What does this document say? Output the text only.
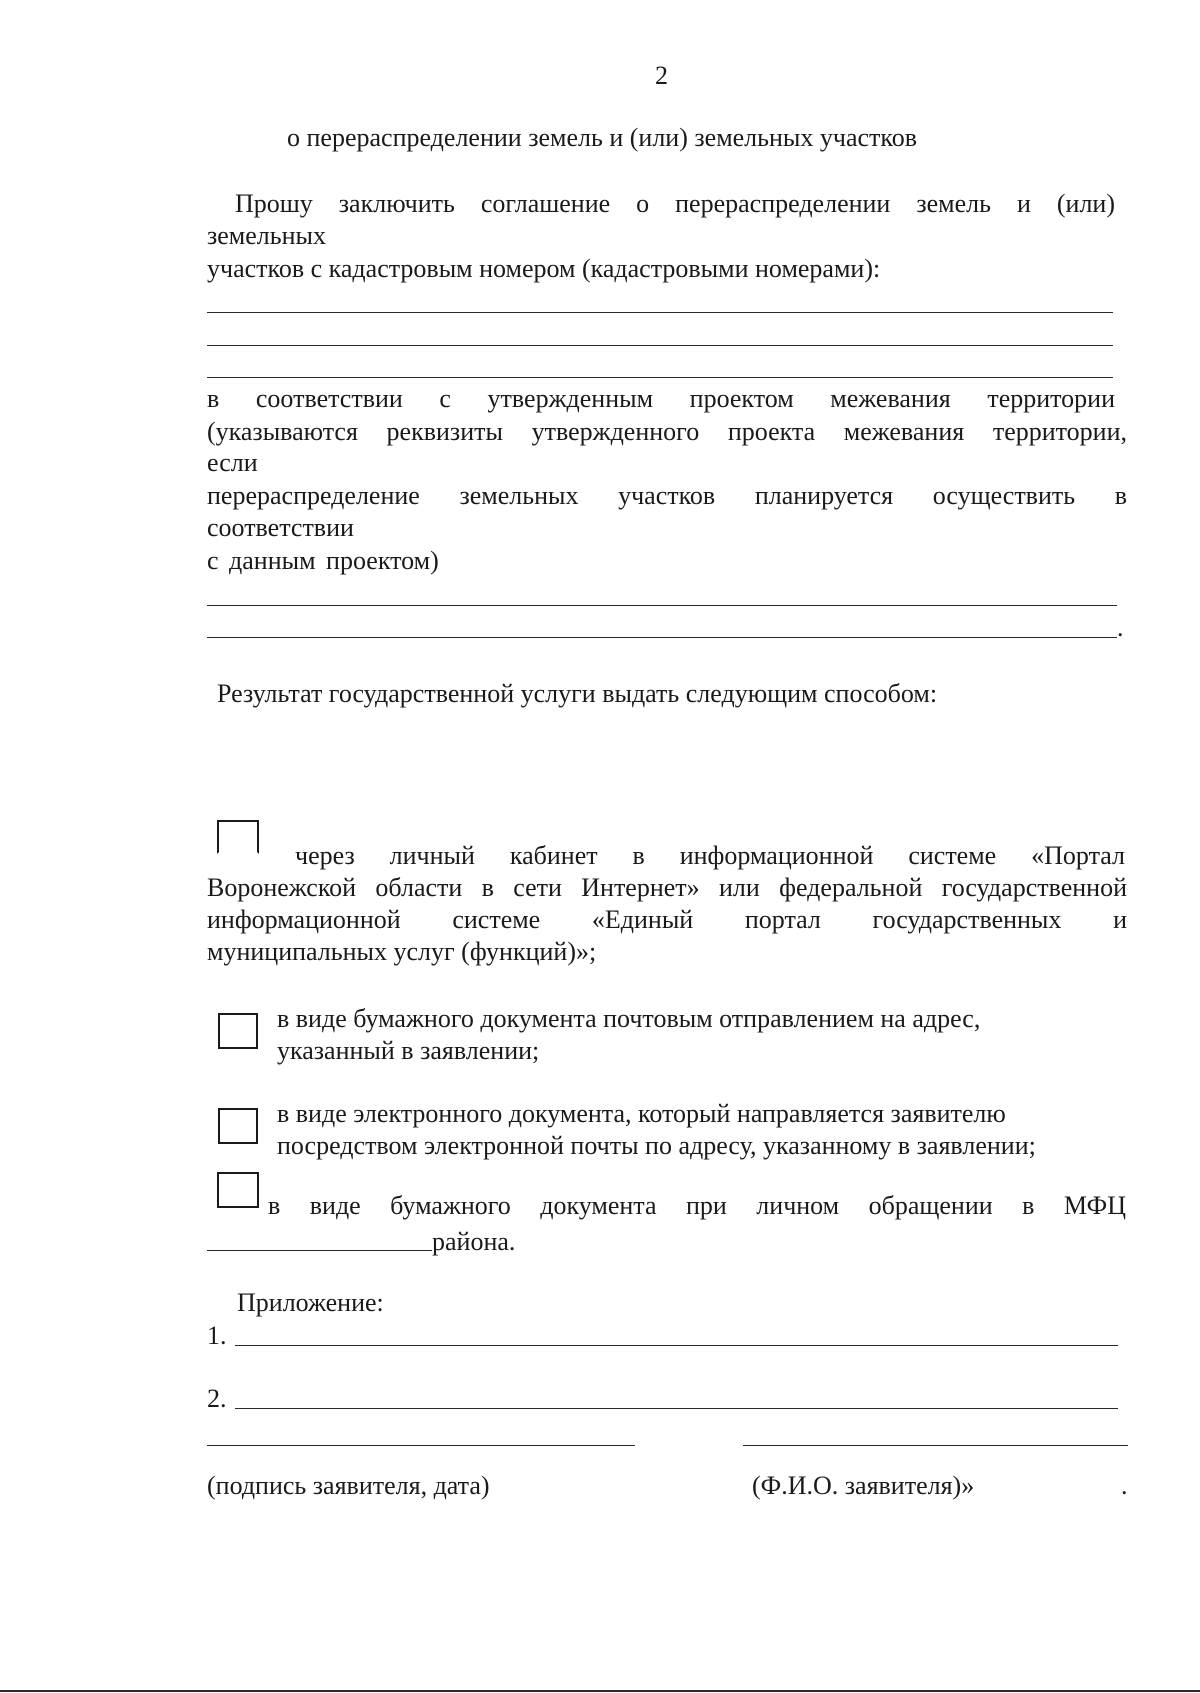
2
о перераспределении земель и (или) земельных участков
Прошу заключить соглашение о перераспределении земель и (или)
земельных
участков с кадастровым номером (кадастровыми номерами):
в соответствии с утвержденным проектом межевания территории
(указываются реквизиты утвержденного проекта межевания территории,
если
перераспределение земельных участков планируется осуществить в
соответствии
с данным проектом)
.
Результат государственной услуги выдать следующим способом:
через личный кабинет в информационной системе «Портал
Воронежской области в сети Интернет» или федеральной государственной
информационной системе «Единый портал государственных и
муниципальных услуг (функций)»;
в виде бумажного документа почтовым отправлением на адрес,
указанный в заявлении;
в виде электронного документа, который направляется заявителю
посредством электронной почты по адресу, указанному в заявлении;
в виде бумажного документа при личном обращении в МФЦ
района.
Приложение:
1.
2.
(подпись заявителя, дата)	(Ф.И.О. заявителя)»	.
